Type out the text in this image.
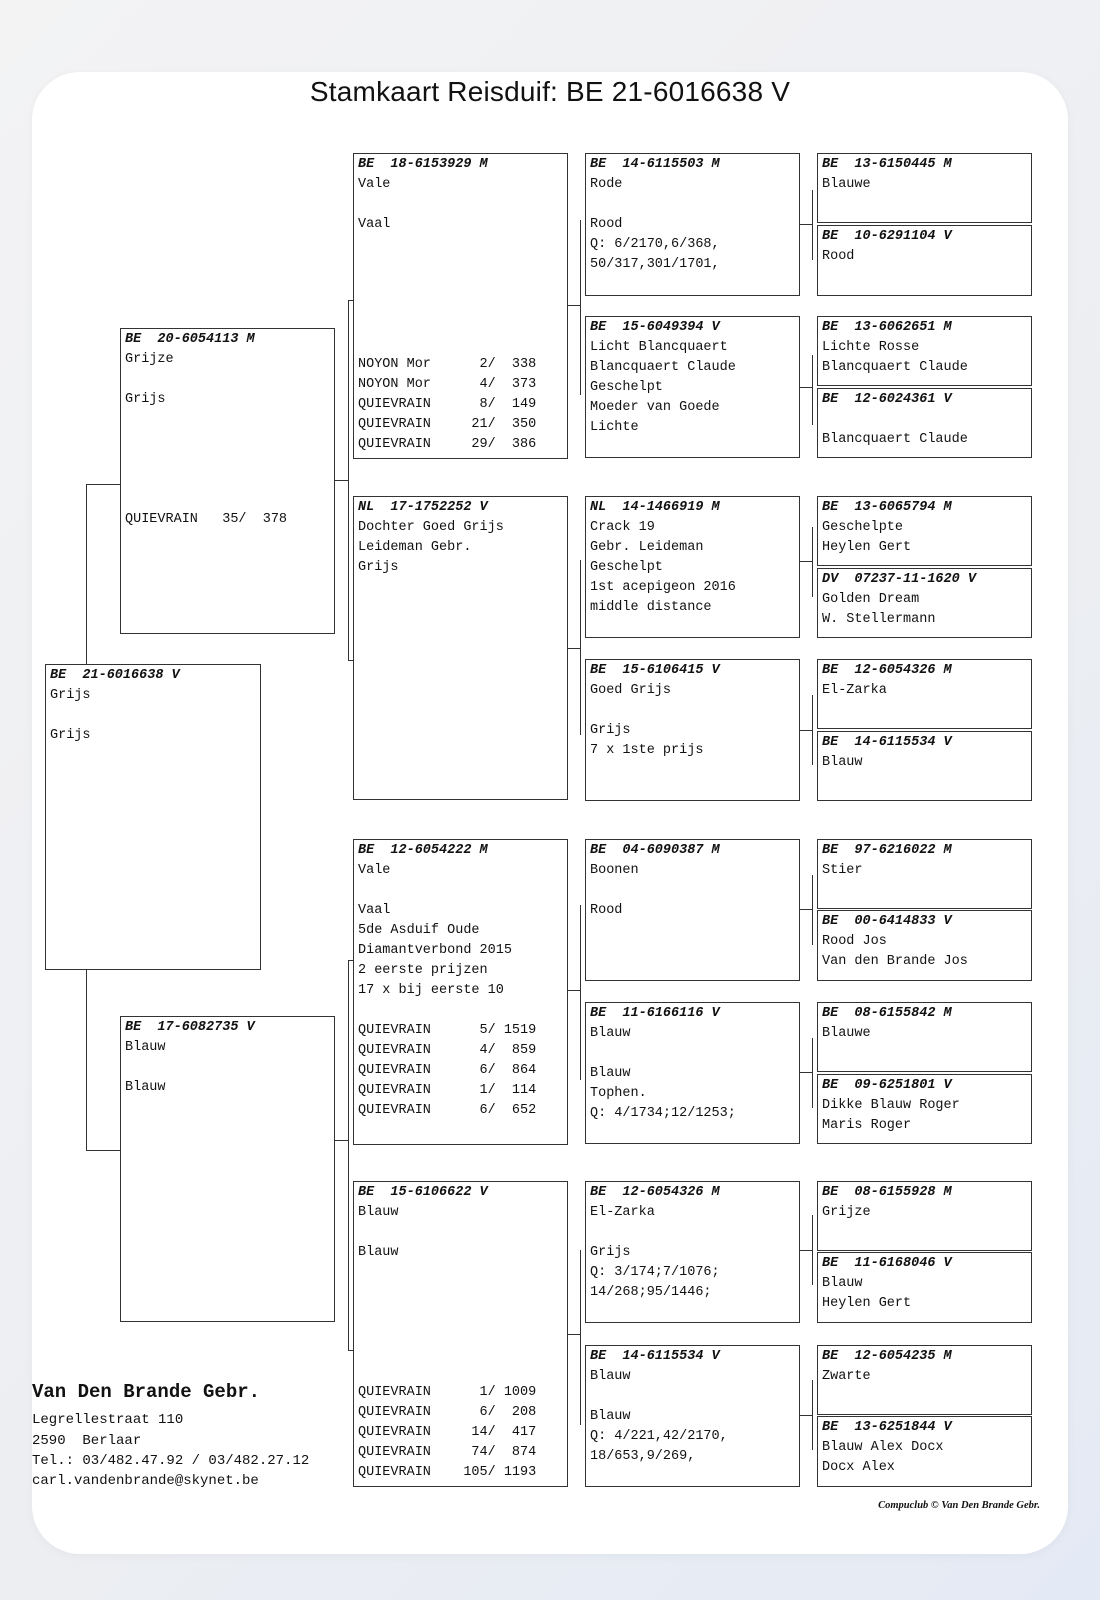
Stamkaart Reisduif: BE 21-6016638 V
BE  21-6016638 V
Grijs
Grijs
BE  20-6054113 M
Grijze
Grijs
QUIEVRAIN   35/  378
BE  17-6082735 V
Blauw
Blauw
BE  18-6153929 M
Vale
Vaal
NOYON Mor      2/  338
NOYON Mor      4/  373
QUIEVRAIN      8/  149
QUIEVRAIN     21/  350
QUIEVRAIN     29/  386
NL  17-1752252 V
Dochter Goed Grijs
Leideman Gebr.
Grijs
BE  12-6054222 M
Vale
Vaal
5de Asduif Oude
Diamantverbond 2015
2 eerste prijzen
17 x bij eerste 10
QUIEVRAIN      5/ 1519
QUIEVRAIN      4/  859
QUIEVRAIN      6/  864
QUIEVRAIN      1/  114
QUIEVRAIN      6/  652
BE  15-6106622 V
Blauw
Blauw
QUIEVRAIN      1/ 1009
QUIEVRAIN      6/  208
QUIEVRAIN     14/  417
QUIEVRAIN     74/  874
QUIEVRAIN    105/ 1193
BE  14-6115503 M
Rode
Rood
Q: 6/2170,6/368,
50/317,301/1701,
BE  15-6049394 V
Licht Blancquaert
Blancquaert Claude
Geschelpt
Moeder van Goede
Lichte
NL  14-1466919 M
Crack 19
Gebr. Leideman
Geschelpt
1st acepigeon 2016
middle distance
BE  15-6106415 V
Goed Grijs
Grijs
7 x 1ste prijs
BE  04-6090387 M
Boonen
Rood
BE  11-6166116 V
Blauw
Blauw
Tophen.
Q: 4/1734;12/1253;
BE  12-6054326 M
El-Zarka
Grijs
Q: 3/174;7/1076;
14/268;95/1446;
BE  14-6115534 V
Blauw
Blauw
Q: 4/221,42/2170,
18/653,9/269,
BE  13-6150445 M
Blauwe
BE  10-6291104 V
Rood
BE  13-6062651 M
Lichte Rosse
Blancquaert Claude
BE  12-6024361 V
Blancquaert Claude
BE  13-6065794 M
Geschelpte
Heylen Gert
DV  07237-11-1620 V
Golden Dream
W. Stellermann
BE  12-6054326 M
El-Zarka
BE  14-6115534 V
Blauw
BE  97-6216022 M
Stier
BE  00-6414833 V
Rood Jos
Van den Brande Jos
BE  08-6155842 M
Blauwe
BE  09-6251801 V
Dikke Blauw Roger
Maris Roger
BE  08-6155928 M
Grijze
BE  11-6168046 V
Blauw
Heylen Gert
BE  12-6054235 M
Zwarte
BE  13-6251844 V
Blauw Alex Docx
Docx Alex
Van Den Brande Gebr.
Legrellestraat 110
2590  Berlaar
Tel.: 03/482.47.92 / 03/482.27.12
carl.vandenbrande@skynet.be
Compuclub © Van Den Brande Gebr.
